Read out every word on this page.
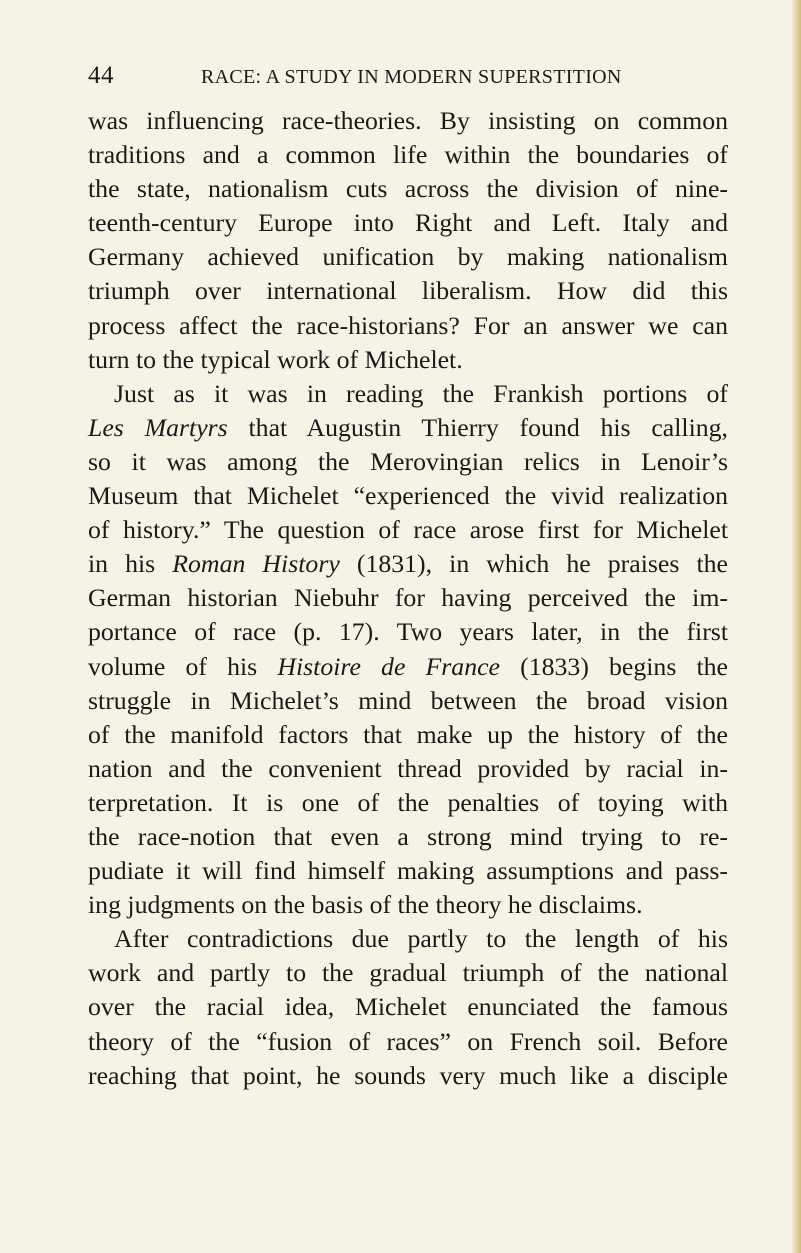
44	RACE: A STUDY IN MODERN SUPERSTITION
was influencing race-theories. By insisting on common
traditions and a common life within the boundaries of
the state, nationalism cuts across the division of nine-
teenth-century Europe into Right and Left. Italy and
Germany achieved unification by making nationalism
triumph over international liberalism. How did this
process affect the race-historians? For an answer we can
turn to the typical work of Michelet.
Just as it was in reading the Frankish portions of
Les Martyrs that Augustin Thierry found his calling,
so it was among the Merovingian relics in Lenoir’s
Museum that Michelet “experienced the vivid realization
of history.” The question of race arose first for Michelet
in his Roman History (1831), in which he praises the
German historian Niebuhr for having perceived the im-
portance of race (p. 17). Two years later, in the first
volume of his Histoire de France (1833) begins the
struggle in Michelet’s mind between the broad vision
of the manifold factors that make up the history of the
nation and the convenient thread provided by racial in-
terpretation. It is one of the penalties of toying with
the race-notion that even a strong mind trying to re-
pudiate it will find himself making assumptions and pass-
ing judgments on the basis of the theory he disclaims.
After contradictions due partly to the length of his
work and partly to the gradual triumph of the national
over the racial idea, Michelet enunciated the famous
theory of the “fusion of races” on French soil. Before
reaching that point, he sounds very much like a disciple
